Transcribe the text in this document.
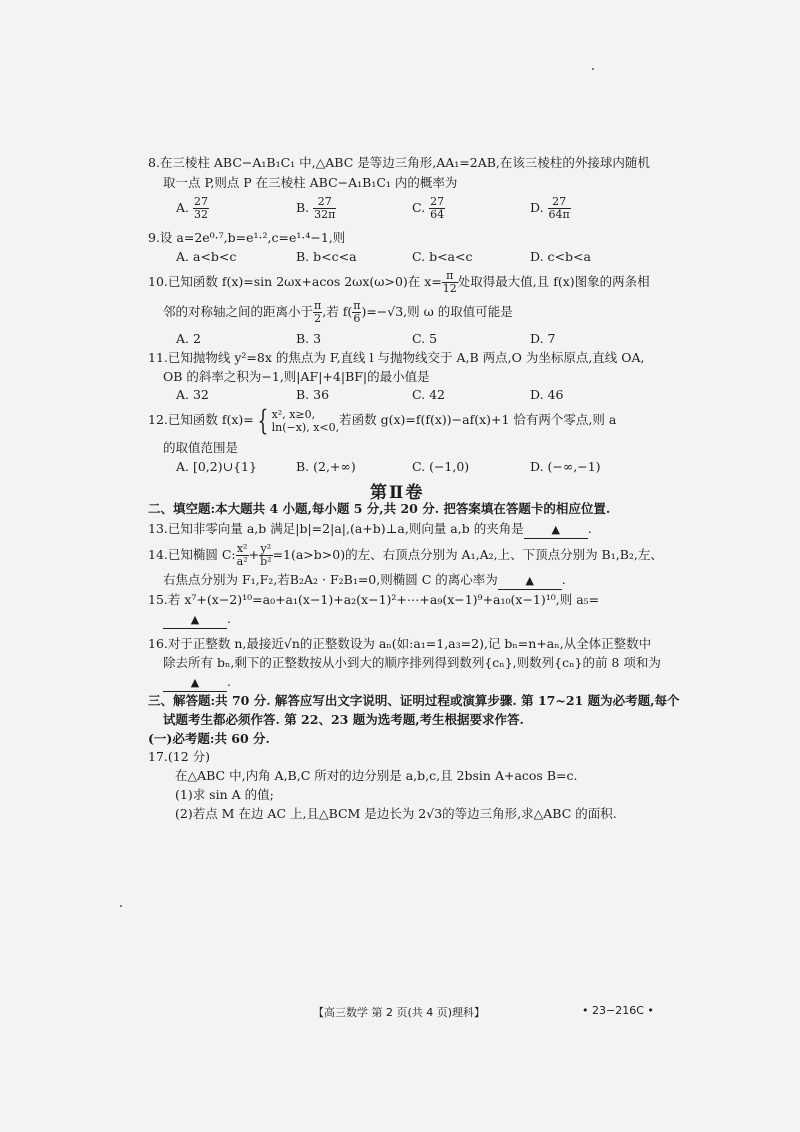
8.在三棱柱 ABC−A₁B₁C₁ 中,△ABC 是等边三角形,AA₁=2AB,在该三棱柱的外接球内随机
取一点 P,则点 P 在三棱柱 ABC−A₁B₁C₁ 内的概率为
A. $\frac{27}{32}$	B. $\frac{27}{32\pi}$	C. $\frac{27}{64}$	D. $\frac{27}{64\pi}$
9.设 a=2e⁰·⁷,b=e¹·²,c=e¹·⁴−1,则
A. a<b<c	B. b<c<a	C. b<a<c	D. c<b<a
10.已知函数 f(x)=sin 2ωx+acos 2ωx(ω>0)在 $x= \frac{\pi}{12}$ 处取得最大值,且 f(x)图象的两条相
邻的对称轴之间的距离小于 $\frac{\pi}{2}$ ,若 $f( \frac{\pi}{6} )=-√3$,则 ω 的取值可能是
A. 2	B. 3	C. 5	D. 7
11.已知抛物线 y²=8x 的焦点为 F,直线 l 与抛物线交于 A,B 两点,O 为坐标原点,直线 OA,
OB 的斜率之积为−1,则|AF|+4|BF|的最小值是
A. 32	B. 36	C. 42	D. 46
12.已知函数 f(x)= { x², x≥0,
ln(−x), x<0, 若函数 g(x)=f(f(x))−af(x)+1 恰有两个零点,则 a
的取值范围是
A. [0,2)∪{1}	B. (2,+∞)	C. (−1,0)	D. (−∞,−1)
第Ⅱ卷
二、填空题:本大题共 4 小题,每小题 5 分,共 20 分. 把答案填在答题卡的相应位置.
13.已知非零向量 a,b 满足|b|=2|a|,(a+b)⊥a,则向量 a,b 的夹角是	▲ .
14.已知椭圆 C: $\frac{\text{x²}}{\text{a²}} + \frac{\text{y²}}{\text{b²}} =1(a>b>0)$的左、右顶点分别为 A₁,A₂,上、下顶点分别为 B₁,B₂,左、
右焦点分别为 F₁,F₂,若B₂A₂ · F₂B₁=0,则椭圆 C 的离心率为	▲ .
15.若 x⁷+(x−2)¹⁰=a₀+a₁(x−1)+a₂(x−1)²+⋯+a₉(x−1)⁹+a₁₀(x−1)¹⁰,则 a₅=
▲ .
16.对于正整数 n,最接近√n的正整数设为 aₙ(如:a₁=1,a₃=2),记 bₙ=n+aₙ,从全体正整数中
除去所有 bₙ,剩下的正整数按从小到大的顺序排列得到数列{cₙ},则数列{cₙ}的前 8 项和为
▲ .
三、解答题:共 70 分. 解答应写出文字说明、证明过程或演算步骤. 第 17~21 题为必考题,每个
试题考生都必须作答. 第 22、23 题为选考题,考生根据要求作答.
(一)必考题:共 60 分.
17.(12 分)
在△ABC 中,内角 A,B,C 所对的边分别是 a,b,c,且 2bsin A+acos B=c.
(1)求 sin A 的值;
(2)若点 M 在边 AC 上,且△BCM 是边长为 2√3的等边三角形,求△ABC 的面积.
【高三数学 第 2 页(共 4 页)理科】	• 23−216C •
